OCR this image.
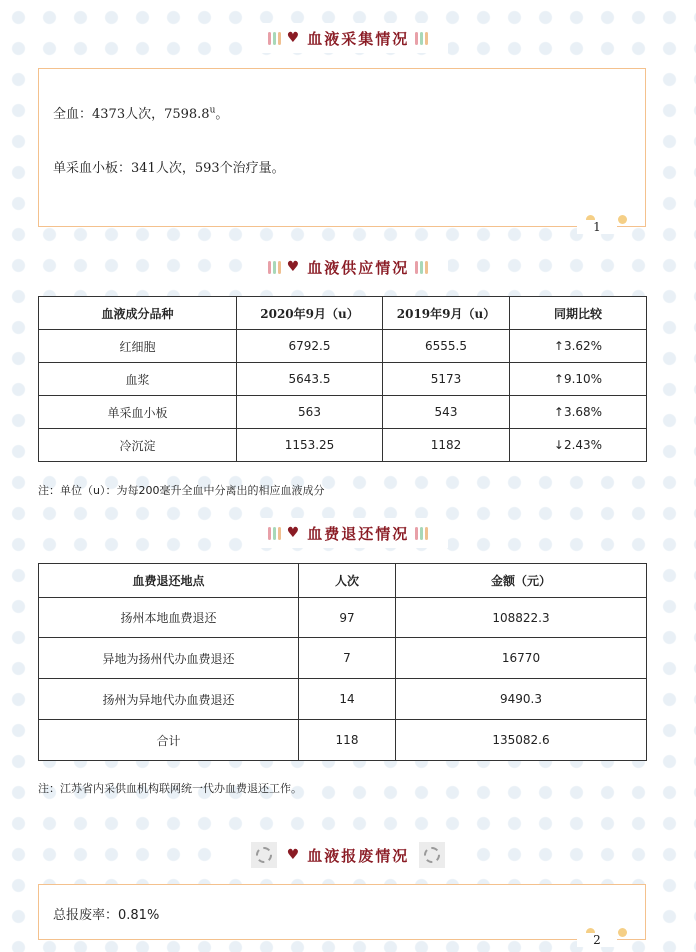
♥ 血液采集情况
全血：4373人次，7598.8$^u$。
单采血小板：341人次，593个治疗量。
1
♥ 血液供应情况
血液成分品种	2020年9月（u）	2019年9月（u）	同期比较
红细胞	6792.5	6555.5	↑3.62%
血浆	5643.5	5173	↑9.10%
单采血小板	563	543	↑3.68%
冷沉淀	1153.25	1182	↓2.43%
注：单位（u）：为每200毫升全血中分离出的相应血液成分
♥ 血费退还情况
血费退还地点	人次	金额（元）
扬州本地血费退还	97	108822.3
异地为扬州代办血费退还	7	16770
扬州为异地代办血费退还	14	9490.3
合计	118	135082.6
注：江苏省内采供血机构联网统一代办血费退还工作。
♥ 血液报废情况
总报废率：0.81%
2
